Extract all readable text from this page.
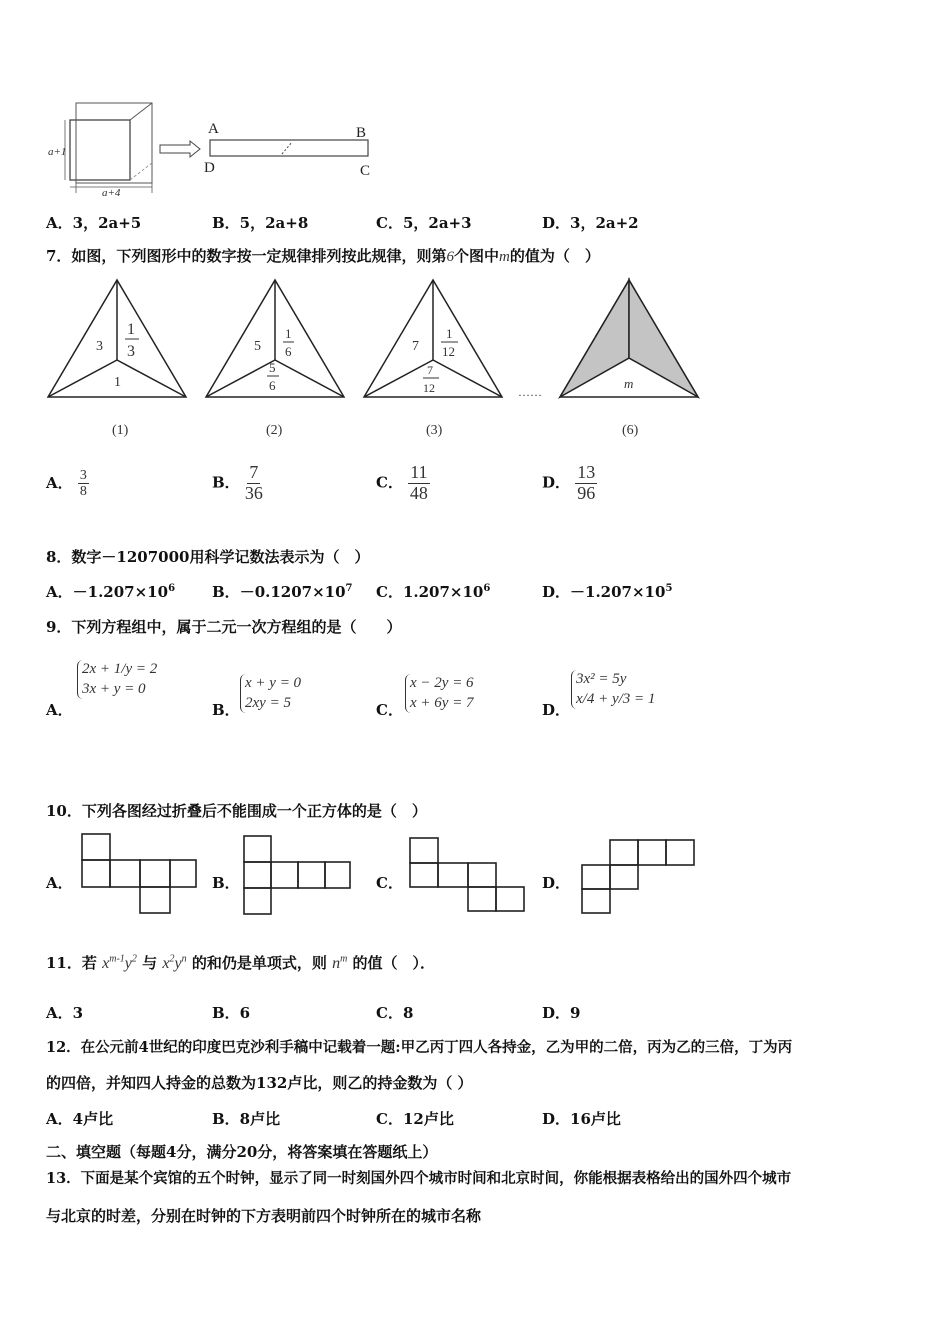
a+1
a+4
A	B
D	C
A．3，2a+5	B．5，2a+8	C．5，2a+3	D．3，2a+2
7．如图，下列图形中的数字按一定规律排列按此规律，则第6个图中m的值为（　）
3
1
3
1
(1)
5
1
6
5
6
(2)
7
1
12
7
12
(3)
……
m
(6)
A． $\frac{3}{8}$	B． $\frac{7}{36}$	C． $\frac{11}{48}$	D． $\frac{13}{96}$
8．数字－1207000用科学记数法表示为（　）
A．$-1.207\times 10^6$ B．$-0.1207\times 10^7$ C．$1.207\times 10^6$	D．$-1.207\times 10^5$
9．下列方程组中，属于二元一次方程组的是（　　）
A．
2x + 1/y = 2
3x + y = 0
B．
x + y = 0
2xy = 5	C．
x − 2y = 6
x + 6y = 7	D．
3x² = 5y
x/4 + y/3 = 1
10．下列各图经过折叠后不能围成一个正方体的是（　）
A．	B．	C．	D．
11．若 $x^{m-1}y^2$ 与 $x^2y^n$ 的和仍是单项式，则 $n^m$ 的值（　）．
A．3	B．6	C．8	D．9
12．在公元前4世纪的印度巴克沙利手稿中记载着一题:甲乙丙丁四人各持金，乙为甲的二倍，丙为乙的三倍，丁为丙
的四倍，并知四人持金的总数为132卢比，则乙的持金数为（ ）
A．4卢比	B．8卢比	C．12卢比	D．16卢比
二、填空题（每题4分，满分20分，将答案填在答题纸上）
13．下面是某个宾馆的五个时钟，显示了同一时刻国外四个城市时间和北京时间，你能根据表格给出的国外四个城市
与北京的时差，分别在时钟的下方表明前四个时钟所在的城市名称
